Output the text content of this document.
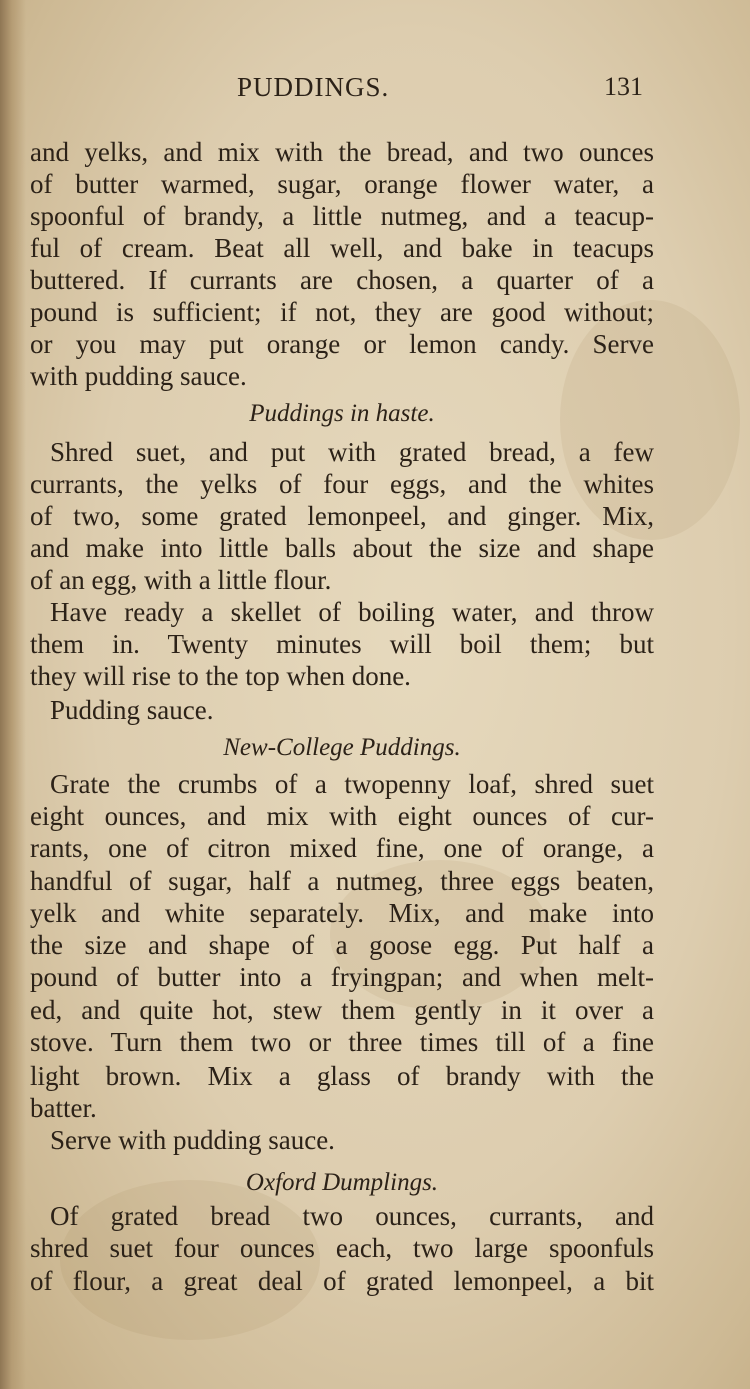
PUDDINGS.	131
and yelks, and mix with the bread, and two ounces
of butter warmed, sugar, orange flower water, a
spoonful of brandy, a little nutmeg, and a teacup-
ful of cream. Beat all well, and bake in teacups
buttered. If currants are chosen, a quarter of a
pound is sufficient; if not, they are good without;
or you may put orange or lemon candy. Serve
with pudding sauce.
Puddings in haste.
Shred suet, and put with grated bread, a few
currants, the yelks of four eggs, and the whites
of two, some grated lemonpeel, and ginger. Mix,
and make into little balls about the size and shape
of an egg, with a little flour.
Have ready a skellet of boiling water, and throw
them in. Twenty minutes will boil them; but
they will rise to the top when done.
Pudding sauce.
New-College Puddings.
Grate the crumbs of a twopenny loaf, shred suet
eight ounces, and mix with eight ounces of cur-
rants, one of citron mixed fine, one of orange, a
handful of sugar, half a nutmeg, three eggs beaten,
yelk and white separately. Mix, and make into
the size and shape of a goose egg. Put half a
pound of butter into a fryingpan; and when melt-
ed, and quite hot, stew them gently in it over a
stove. Turn them two or three times till of a fine
light brown. Mix a glass of brandy with the
batter.
Serve with pudding sauce.
Oxford Dumplings.
Of grated bread two ounces, currants, and
shred suet four ounces each, two large spoonfuls
of flour, a great deal of grated lemonpeel, a bit
